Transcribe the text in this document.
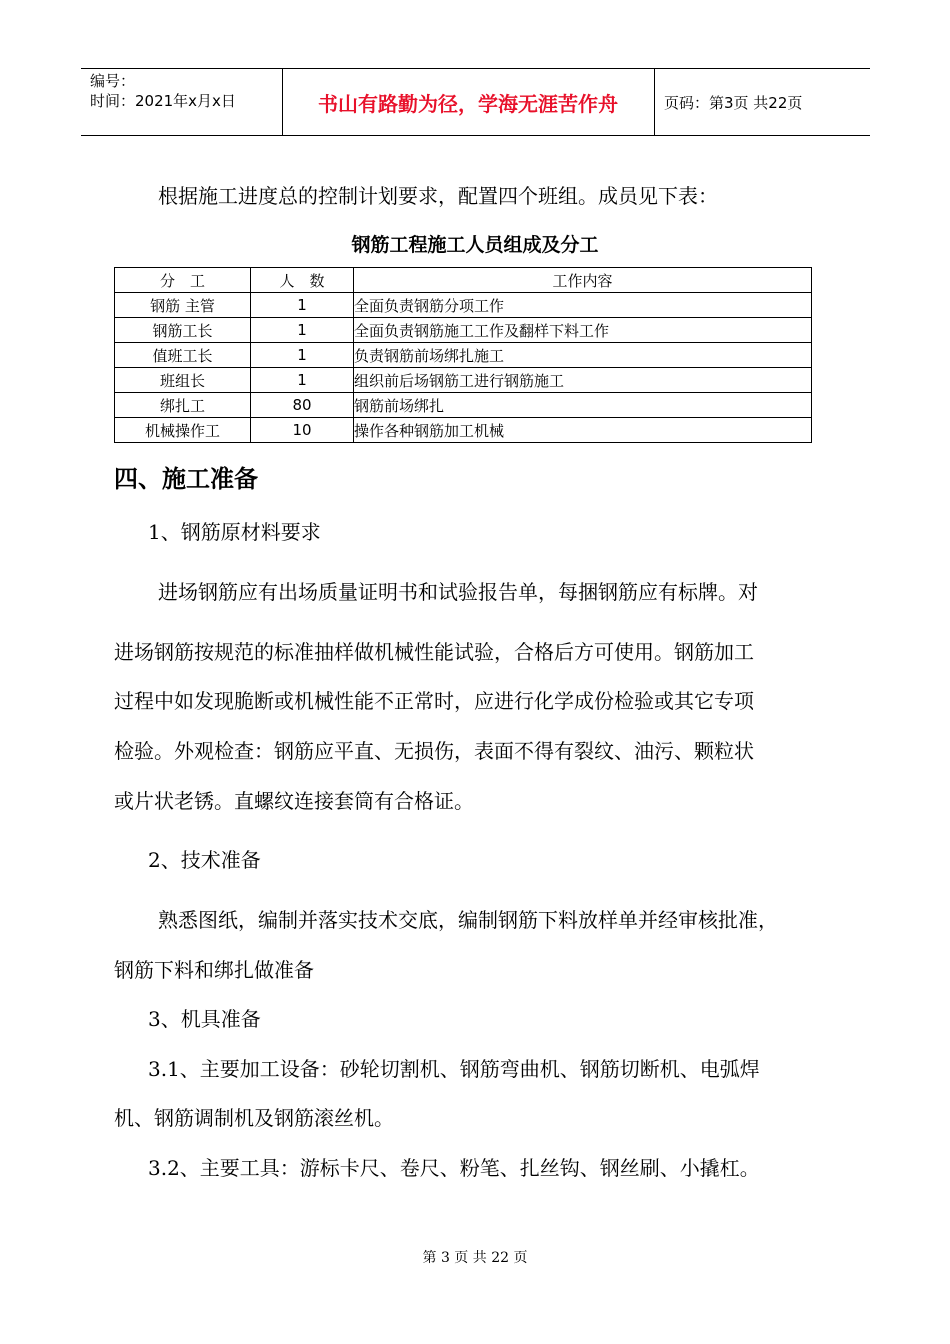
编号：
时间：2021年x月x日	书山有路勤为径，学海无涯苦作舟	页码：第3页 共22页
根据施工进度总的控制计划要求，配置四个班组。成员见下表：
钢筋工程施工人员组成及分工
分　工	人　数	工作内容
钢筋 主管	1	全面负责钢筋分项工作
钢筋工长	1	全面负责钢筋施工工作及翻样下料工作
值班工长	1	负责钢筋前场绑扎施工
班组长	1	组织前后场钢筋工进行钢筋施工
绑扎工	80	钢筋前场绑扎
机械操作工	10	操作各种钢筋加工机械
四、施工准备
1、钢筋原材料要求
进场钢筋应有出场质量证明书和试验报告单，每捆钢筋应有标牌。对
进场钢筋按规范的标准抽样做机械性能试验，合格后方可使用。钢筋加工
过程中如发现脆断或机械性能不正常时，应进行化学成份检验或其它专项
检验。外观检查：钢筋应平直、无损伤，表面不得有裂纹、油污、颗粒状
或片状老锈。直螺纹连接套筒有合格证。
2、技术准备
熟悉图纸，编制并落实技术交底，编制钢筋下料放样单并经审核批准，
钢筋下料和绑扎做准备
3、机具准备
3.1、主要加工设备：砂轮切割机、钢筋弯曲机、钢筋切断机、电弧焊
机、钢筋调制机及钢筋滚丝机。
3.2、主要工具：游标卡尺、卷尺、粉笔、扎丝钩、钢丝刷、小撬杠。
第 3 页 共 22 页
